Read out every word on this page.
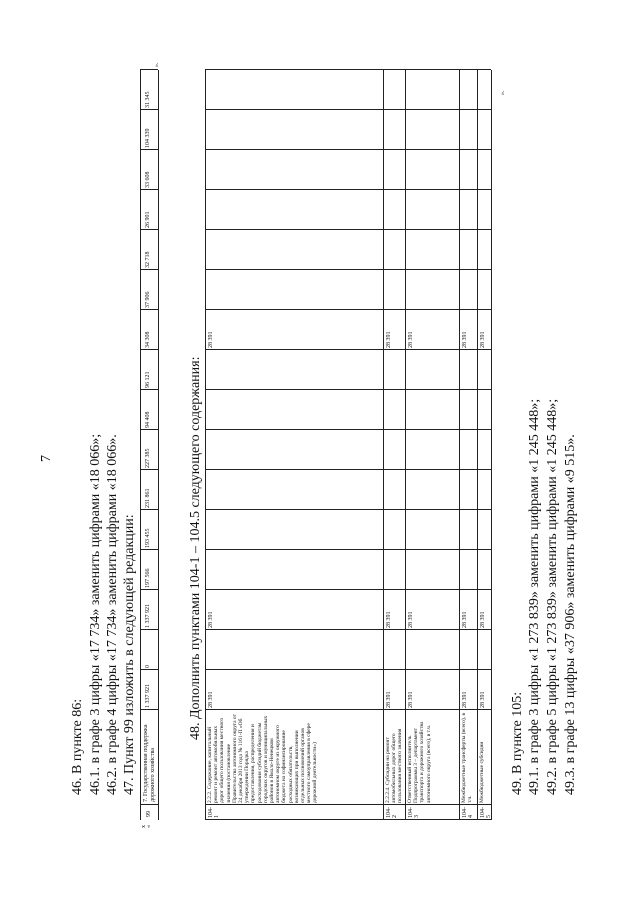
7
46. В пункте 86: 46.1. в графе 3 цифры «17 734» заменить цифрами «18 066»; 46.2. в графе 4 цифры «17 734» заменить цифрами «18 066». 47. Пункт 99 изложить в следующей редакции:
x «
99
7. Государственная поддержка дорожного хозяйства
1 337 921
0
1 337 921
197 566
193 455
231 861
227 385
94 408
96 121
34 308
37 906
32 718
26 901
33 608
104 339
31 345
».
48. Дополнить пунктами 104-1 – 104.5 следующего содержания:
104-1
2.2.2. Содержание, капитальный ремонт и ремонт автомобильных дорог общего пользования местного значения (постановление Правительства автономного округа от 24 декабря 2013 года № 1161-П «Об утверждении Порядка предоставления, распределения и расходования субсидий бюджетам городских округов и муниципальных районов в Ямало-Ненецком автономном округе из окружного бюджета на софинансирование расходных обязательств, возникающих при выполнении отдельных полномочий органов местного самоуправления в сфере дорожной деятельности»)
28 391
28 391
28 391
104-2
2.2.2.4. Субсидии на ремонт автомобильных дорог общего пользования местного значения
28 391
28 391
28 391
104-3
Ответственный исполнитель Подпрограммы 3 – департамент транспорта и дорожного хозяйства автономного округа (всего), в т.ч.
28 391
28 391
28 391
104-4
Межбюджетные трансферты (всего), в т.ч.
28 391
28 391
28 391
104-5
Межбюджетные субсидии
28 391
28 391
28 391
».
49. В пункте 105: 49.1. в графе 3 цифры «1 273 839» заменить цифрами «1 245 448»; 49.2. в графе 5 цифры «1 273 839» заменить цифрами «1 245 448»; 49.3. в графе 13 цифры «37 906» заменить цифрами «9 515».
